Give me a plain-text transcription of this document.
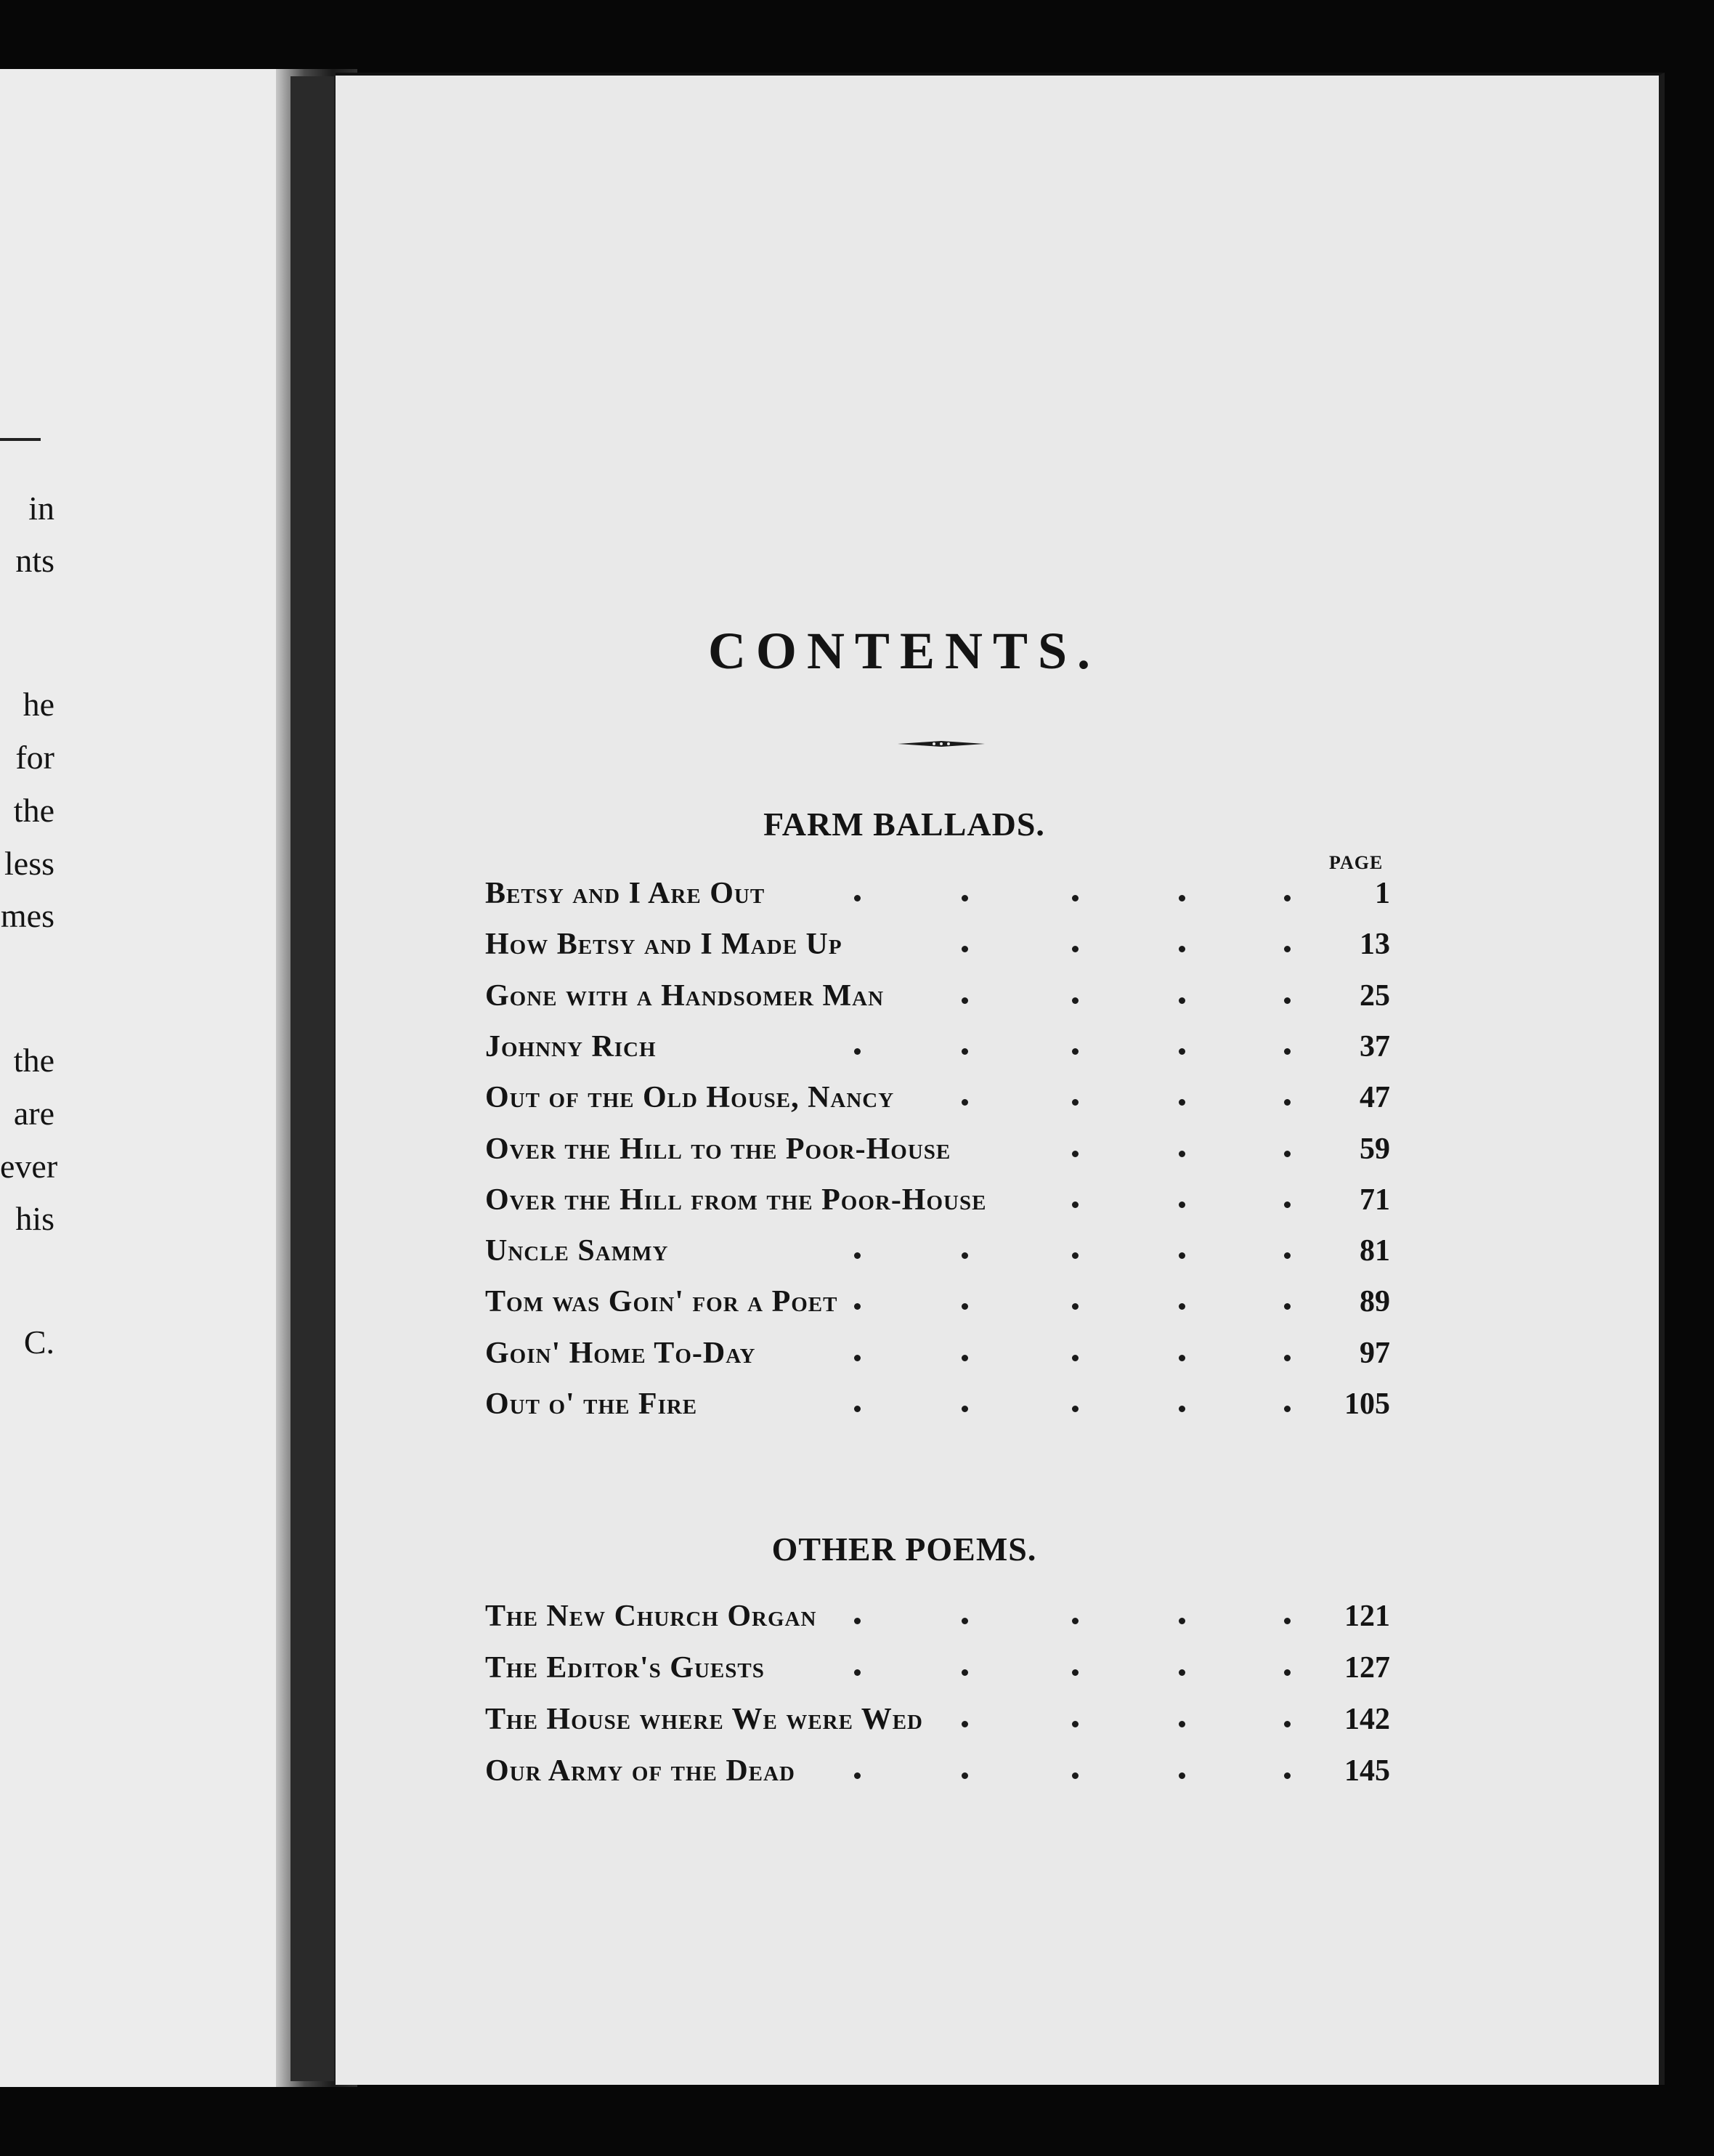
in
nts
he
for
the
less
mes
the
are
ever
his
C.
CONTENTS.
FARM BALLADS.
PAGE
Betsy and I Are Out	1
How Betsy and I Made Up	13
Gone with a Handsomer Man	25
Johnny Rich	37
Out of the Old House, Nancy	47
Over the Hill to the Poor-House	59
Over the Hill from the Poor-House	71
Uncle Sammy	81
Tom was Goin' for a Poet	89
Goin' Home To-Day	97
Out o' the Fire	105
OTHER POEMS.
The New Church Organ	121
The Editor's Guests	127
The House where We were Wed	142
Our Army of the Dead	145
